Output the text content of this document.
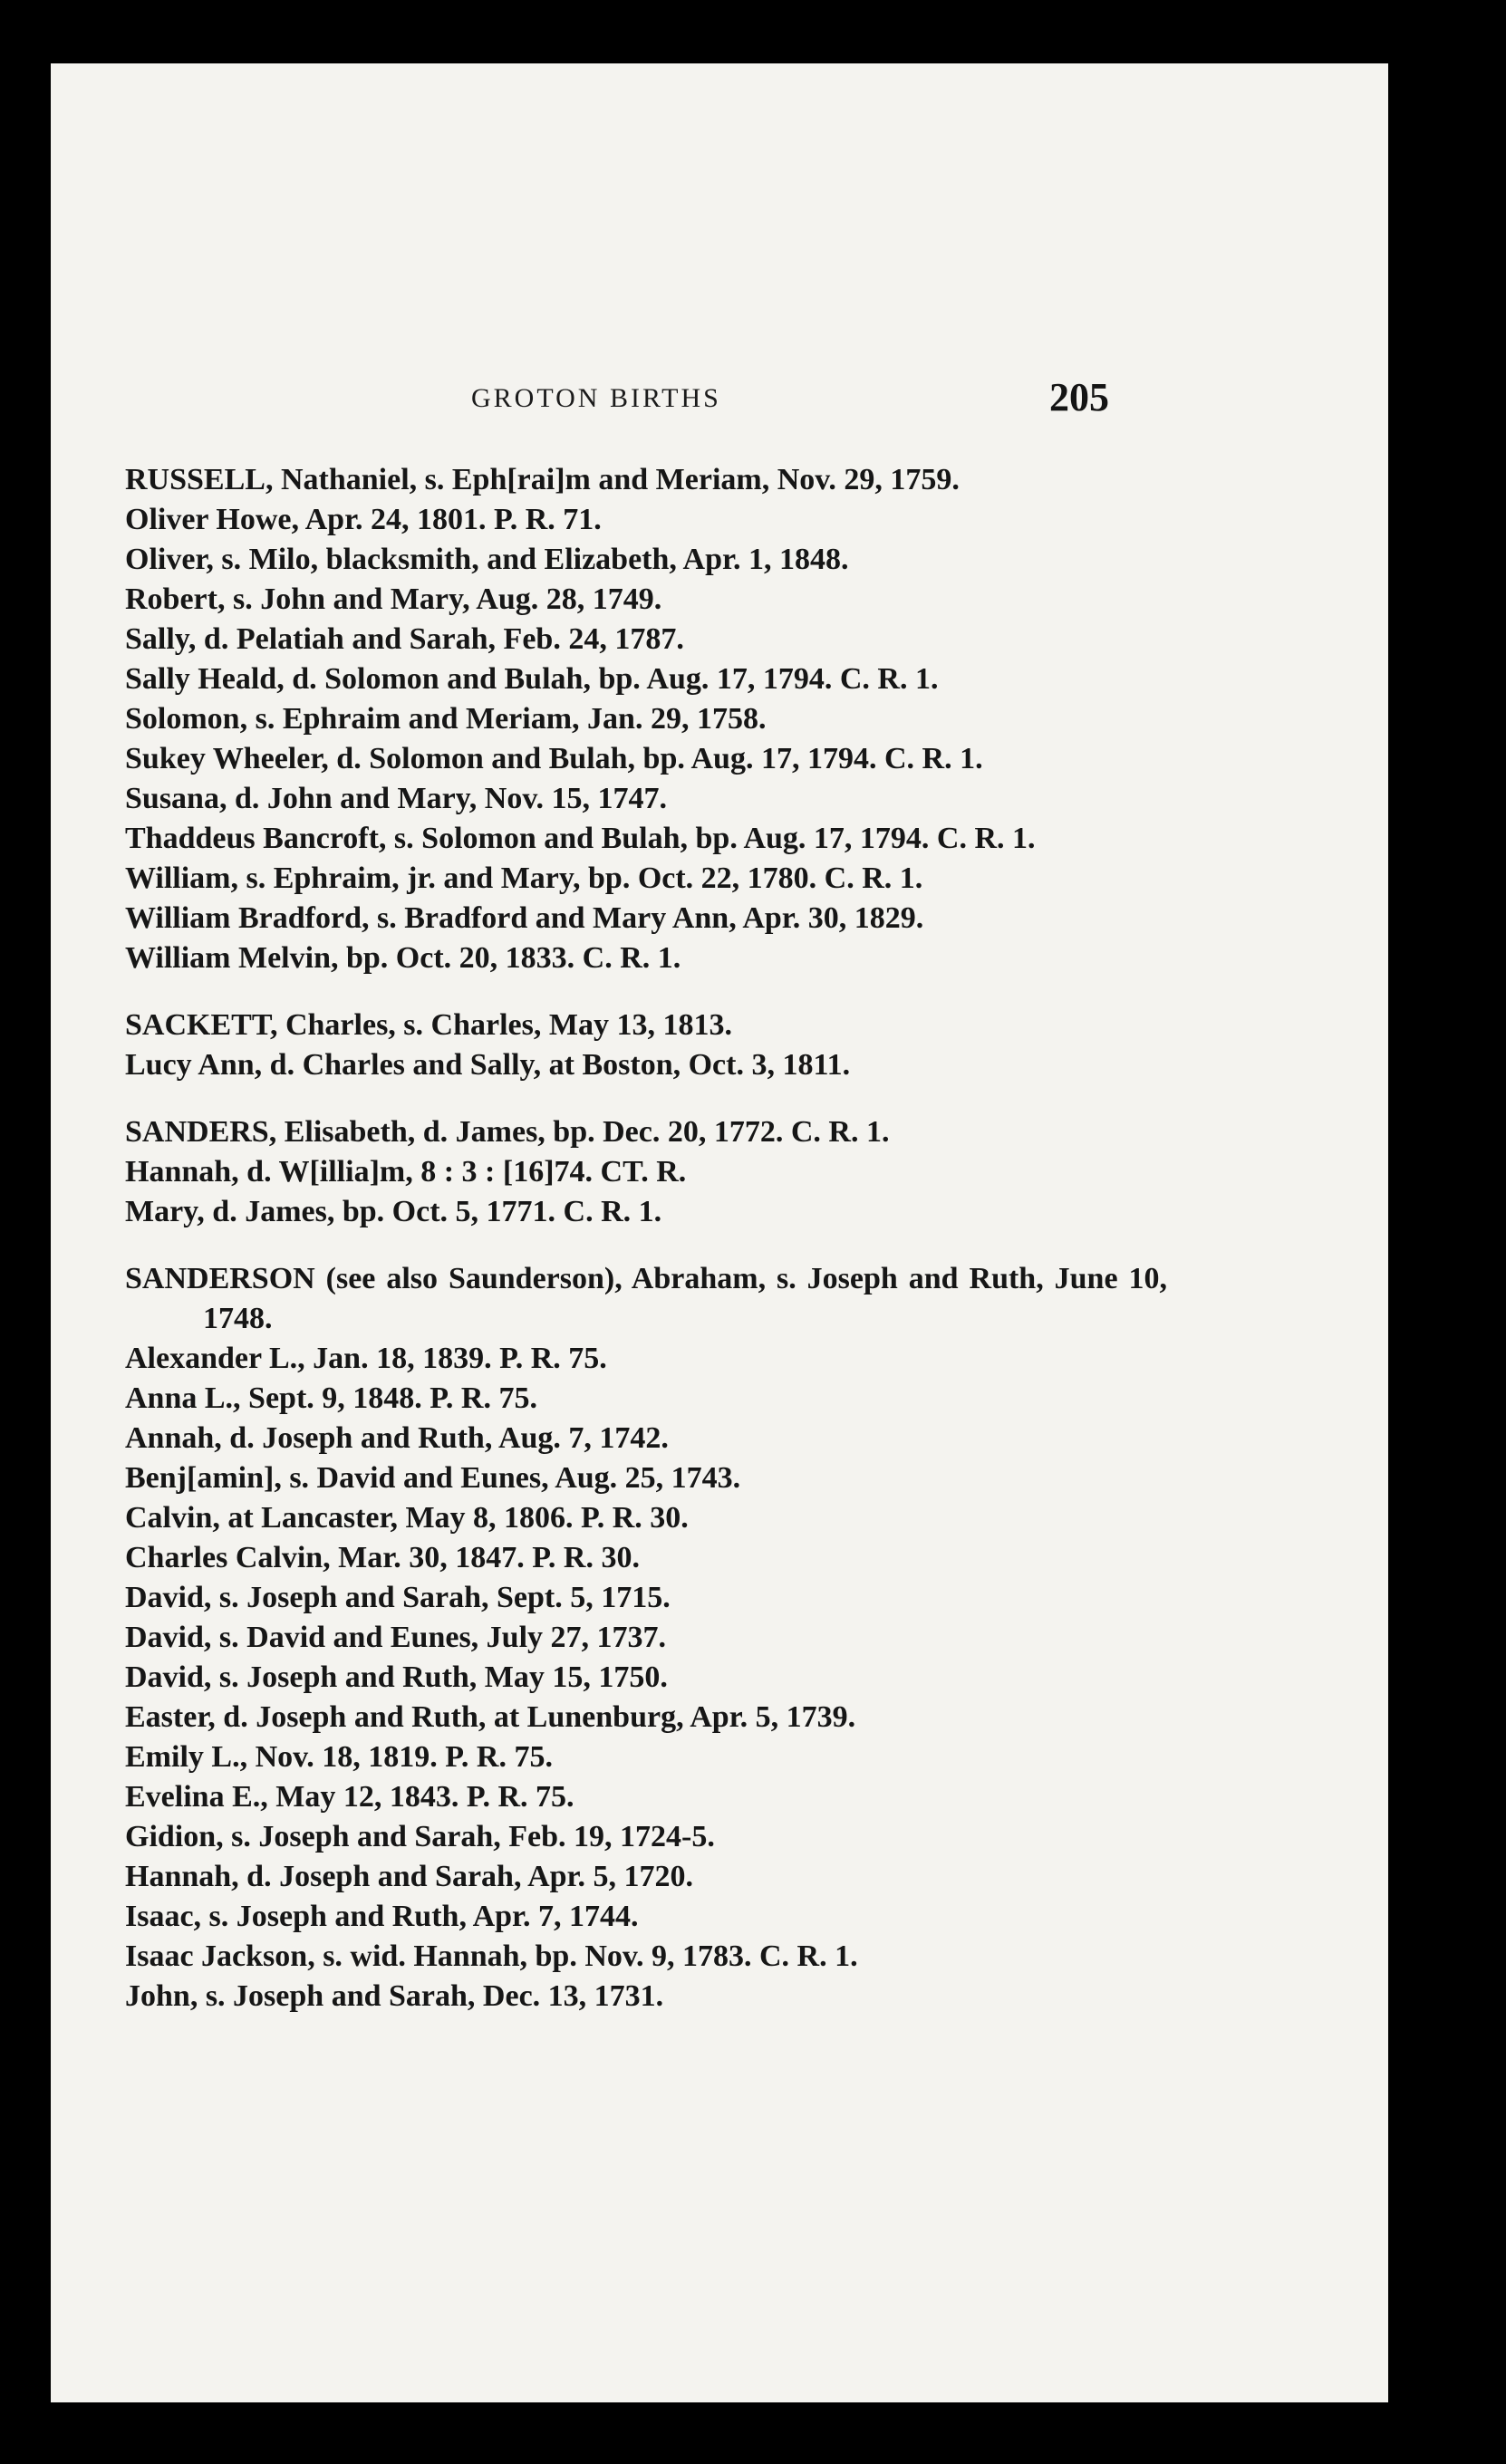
GROTON BIRTHS	205
RUSSELL, Nathaniel, s. Eph[rai]m and Meriam, Nov. 29, 1759.
Oliver Howe, Apr. 24, 1801. P. R. 71.
Oliver, s. Milo, blacksmith, and Elizabeth, Apr. 1, 1848.
Robert, s. John and Mary, Aug. 28, 1749.
Sally, d. Pelatiah and Sarah, Feb. 24, 1787.
Sally Heald, d. Solomon and Bulah, bp. Aug. 17, 1794. C. R. 1.
Solomon, s. Ephraim and Meriam, Jan. 29, 1758.
Sukey Wheeler, d. Solomon and Bulah, bp. Aug. 17, 1794. C. R. 1.
Susana, d. John and Mary, Nov. 15, 1747.
Thaddeus Bancroft, s. Solomon and Bulah, bp. Aug. 17, 1794. C. R. 1.
William, s. Ephraim, jr. and Mary, bp. Oct. 22, 1780. C. R. 1.
William Bradford, s. Bradford and Mary Ann, Apr. 30, 1829.
William Melvin, bp. Oct. 20, 1833. C. R. 1.
SACKETT, Charles, s. Charles, May 13, 1813.
Lucy Ann, d. Charles and Sally, at Boston, Oct. 3, 1811.
SANDERS, Elisabeth, d. James, bp. Dec. 20, 1772. C. R. 1.
Hannah, d. W[illia]m, 8 : 3 : [16]74. CT. R.
Mary, d. James, bp. Oct. 5, 1771. C. R. 1.
SANDERSON (see also Saunderson), Abraham, s. Joseph and Ruth, June 10, 1748.
Alexander L., Jan. 18, 1839. P. R. 75.
Anna L., Sept. 9, 1848. P. R. 75.
Annah, d. Joseph and Ruth, Aug. 7, 1742.
Benj[amin], s. David and Eunes, Aug. 25, 1743.
Calvin, at Lancaster, May 8, 1806. P. R. 30.
Charles Calvin, Mar. 30, 1847. P. R. 30.
David, s. Joseph and Sarah, Sept. 5, 1715.
David, s. David and Eunes, July 27, 1737.
David, s. Joseph and Ruth, May 15, 1750.
Easter, d. Joseph and Ruth, at Lunenburg, Apr. 5, 1739.
Emily L., Nov. 18, 1819. P. R. 75.
Evelina E., May 12, 1843. P. R. 75.
Gidion, s. Joseph and Sarah, Feb. 19, 1724-5.
Hannah, d. Joseph and Sarah, Apr. 5, 1720.
Isaac, s. Joseph and Ruth, Apr. 7, 1744.
Isaac Jackson, s. wid. Hannah, bp. Nov. 9, 1783. C. R. 1.
John, s. Joseph and Sarah, Dec. 13, 1731.
